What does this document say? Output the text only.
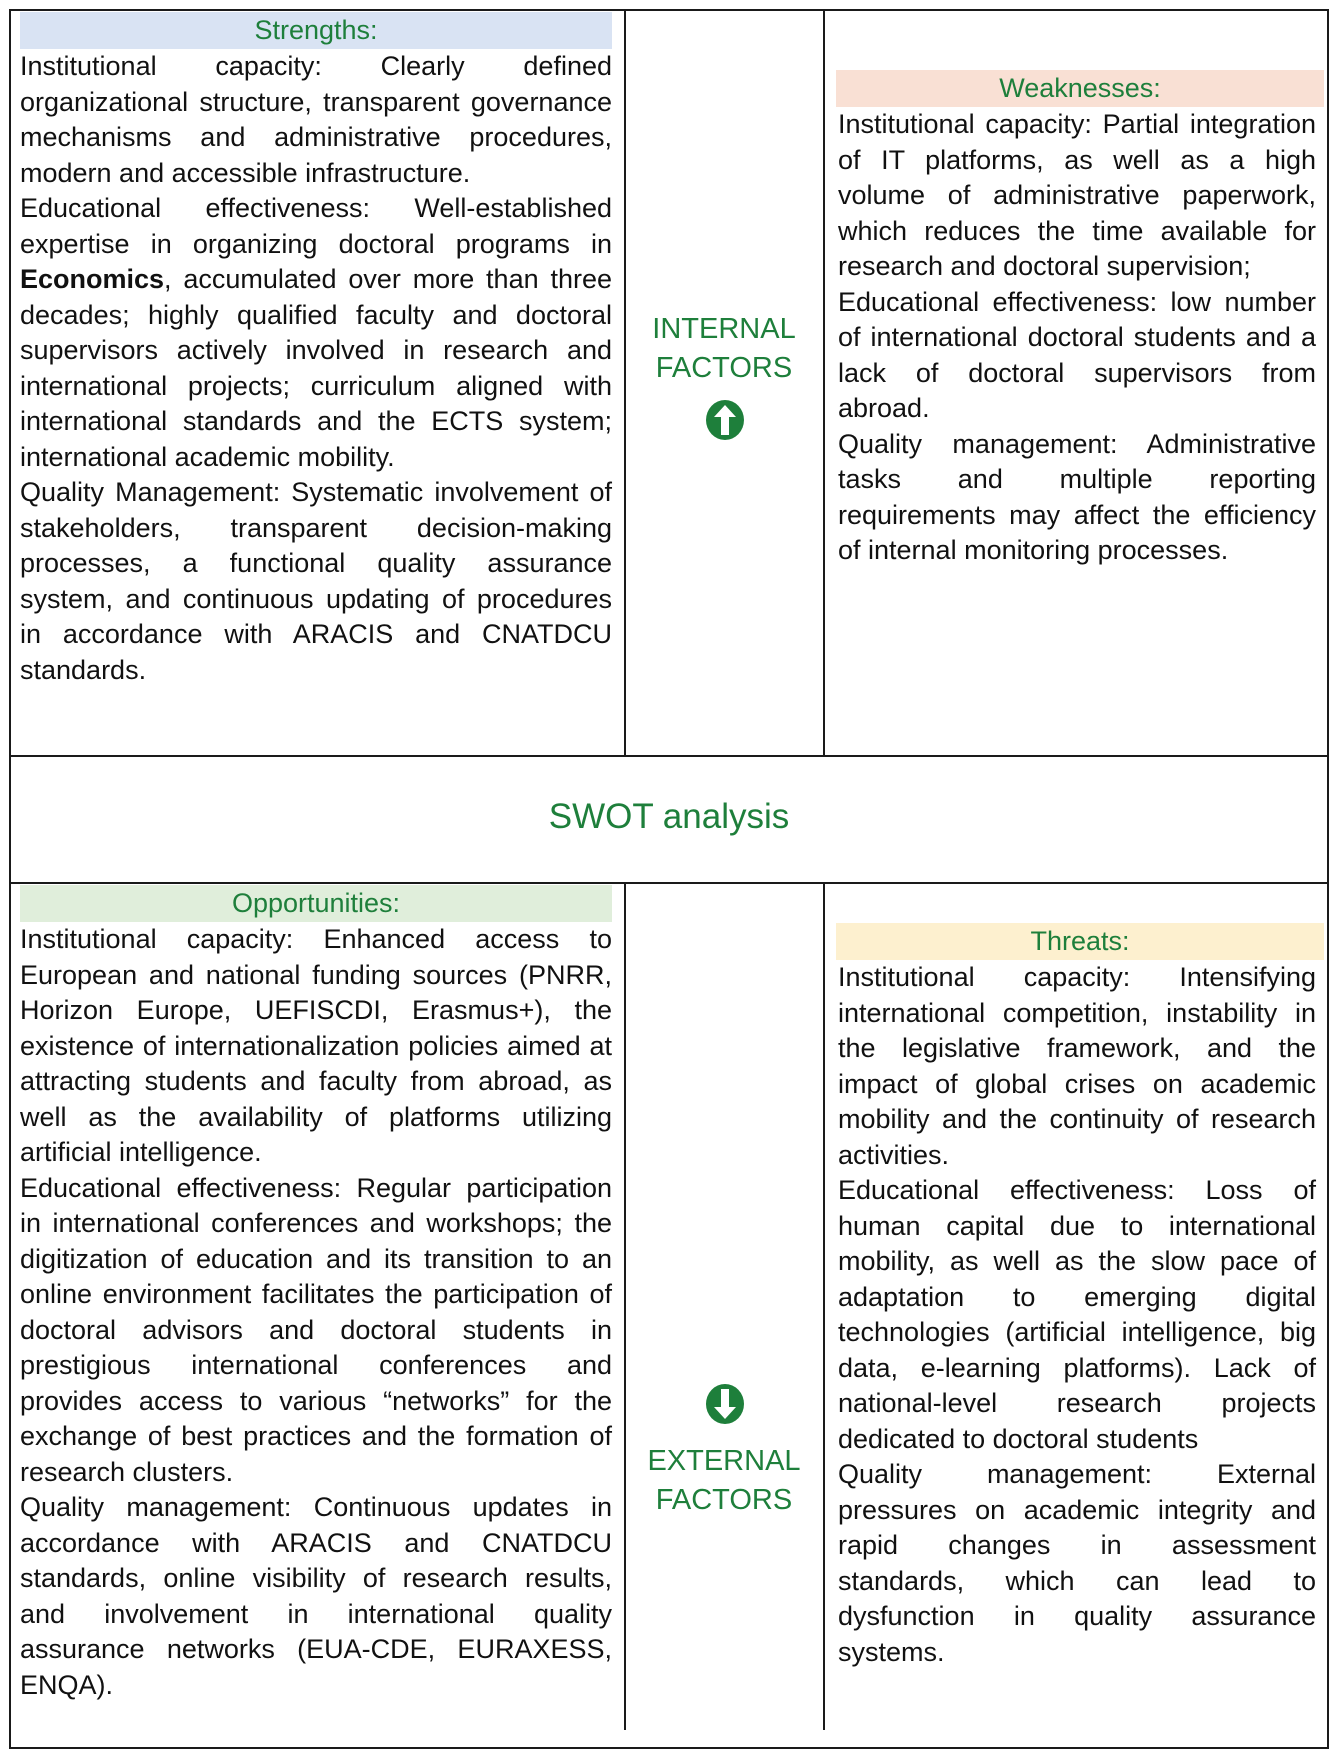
Strengths:

Institutional capacity: Clearly defined organizational structure, transparent governance mechanisms and administrative procedures, modern and accessible infrastructure.

Educational effectiveness: Well-established expertise in organizing doctoral programs in Economics, accumulated over more than three decades; highly qualified faculty and doctoral supervisors actively involved in research and international projects; curriculum aligned with international standards and the ECTS system; international academic mobility.

Quality Management: Systematic involvement of stakeholders, transparent decision-making processes, a functional quality assurance system, and continuous updating of procedures in accordance with ARACIS and CNATDCU standards.

INTERNAL
FACTORS
Weaknesses:

Institutional capacity: Partial integration of IT platforms, as well as a high volume of administrative paperwork, which reduces the time available for research and doctoral supervision;

Educational effectiveness: low number of international doctoral students and a lack of doctoral supervisors from abroad.

Quality management: Administrative tasks and multiple reporting requirements may affect the efficiency of internal monitoring processes.

SWOT analysis
Opportunities:

Institutional capacity: Enhanced access to European and national funding sources (PNRR, Horizon Europe, UEFISCDI, Erasmus+), the existence of internationalization policies aimed at attracting students and faculty from abroad, as well as the availability of platforms utilizing artificial intelligence.

Educational effectiveness: Regular participation in international conferences and workshops; the digitization of education and its transition to an online environment facilitates the participation of doctoral advisors and doctoral students in prestigious international conferences and provides access to various “networks” for the exchange of best practices and the formation of research clusters.

Quality management: Continuous updates in accordance with ARACIS and CNATDCU standards, online visibility of research results, and involvement in international quality assurance networks (EUA-CDE, EURAXESS, ENQA).

EXTERNAL
FACTORS
Threats:

Institutional capacity: Intensifying international competition, instability in the legislative framework, and the impact of global crises on academic mobility and the continuity of research activities.

Educational effectiveness: Loss of human capital due to international mobility, as well as the slow pace of adaptation to emerging digital technologies (artificial intelligence, big data, e-learning platforms). Lack of national-level research projects dedicated to doctoral students

Quality management: External pressures on academic integrity and rapid changes in assessment standards, which can lead to dysfunction in quality assurance systems.
